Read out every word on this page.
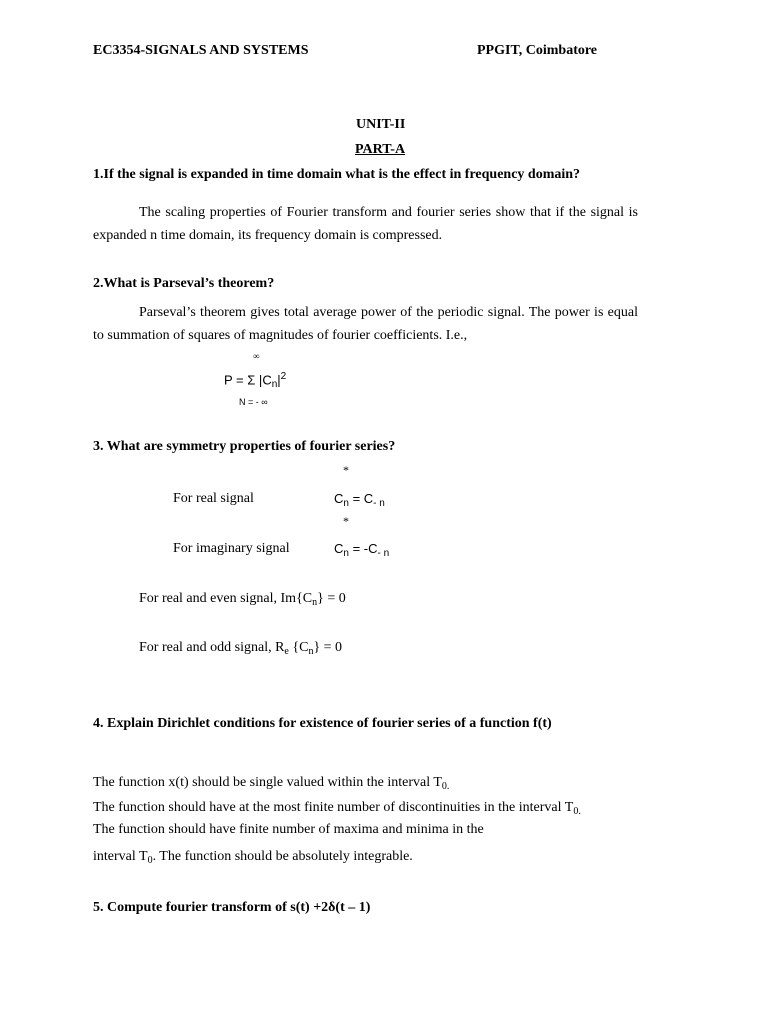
EC3354-SIGNALS AND SYSTEMS	PPGIT, Coimbatore
UNIT-II
PART-A
1.If the signal is expanded in time domain what is the effect in frequency domain?
The scaling properties of Fourier transform and fourier series show that if the signal is expanded n time domain, its frequency domain is compressed.
2.What is Parseval’s theorem?
Parseval’s theorem gives total average power of the periodic signal. The power is equal to summation of squares of magnitudes of fourier coefficients. I.e.,
∞
P = Σ $|C_n|^2$
N = - ∞
3. What are symmetry properties of fourier series?
*
For real signal	$C_n = C_{- n}$
*
For imaginary signal	$C_n = -C_{- n}$
For real and even signal, $Im\{C_n\} = 0$
For real and odd signal, $R_e$ $\{C_n\} = 0$
4. Explain Dirichlet conditions for existence of fourier series of a function f(t)
The function x(t) should be single valued within the interval $T_{0.}$
The function should have at the most finite number of discontinuities in the interval $T_{0.}$
The function should have finite number of maxima and minima in the
interval $T_0$. The function should be absolutely integrable.
5. Compute fourier transform of s(t) +2δ(t – 1)
